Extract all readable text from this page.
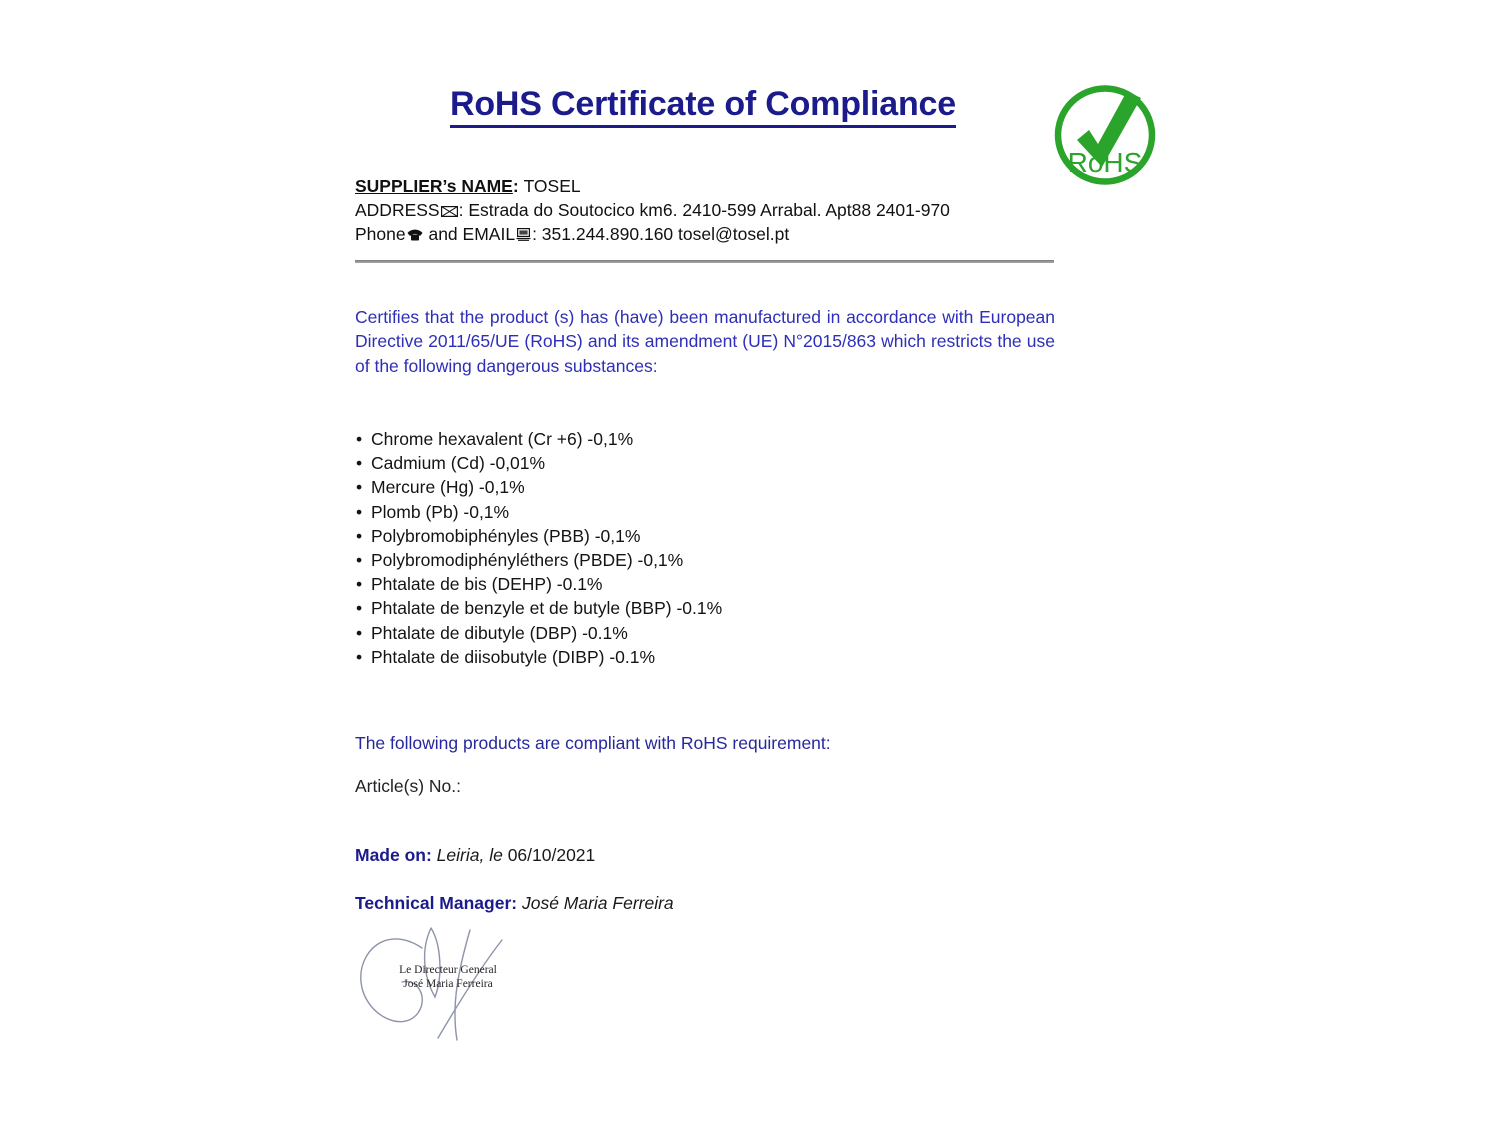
RoHS Certificate of Compliance
RoHS
SUPPLIER’s NAME: TOSEL
ADDRESS : Estrada do Soutocico km6. 2410-599 Arrabal. Apt88 2401-970
Phone and EMAIL : 351.244.890.160 tosel@tosel.pt
Certifies that the product (s) has (have) been manufactured in accordance with European Directive 2011/65/UE (RoHS) and its amendment (UE) N°2015/863 which restricts the use of the following dangerous substances:
• Chrome hexavalent (Cr +6) -0,1%
• Cadmium (Cd) -0,01%
• Mercure (Hg) -0,1%
• Plomb (Pb) -0,1%
• Polybromobiphényles (PBB) -0,1%
• Polybromodiphényléthers (PBDE) -0,1%
• Phtalate de bis (DEHP) -0.1%
• Phtalate de benzyle et de butyle (BBP) -0.1%
• Phtalate de dibutyle (DBP) -0.1%
• Phtalate de diisobutyle (DIBP) -0.1%
The following products are compliant with RoHS requirement:
Article(s) No.:
Made on: Leiria, le 06/10/2021
Technical Manager: José Maria Ferreira
Le Directeur General
José Maria Ferreira
